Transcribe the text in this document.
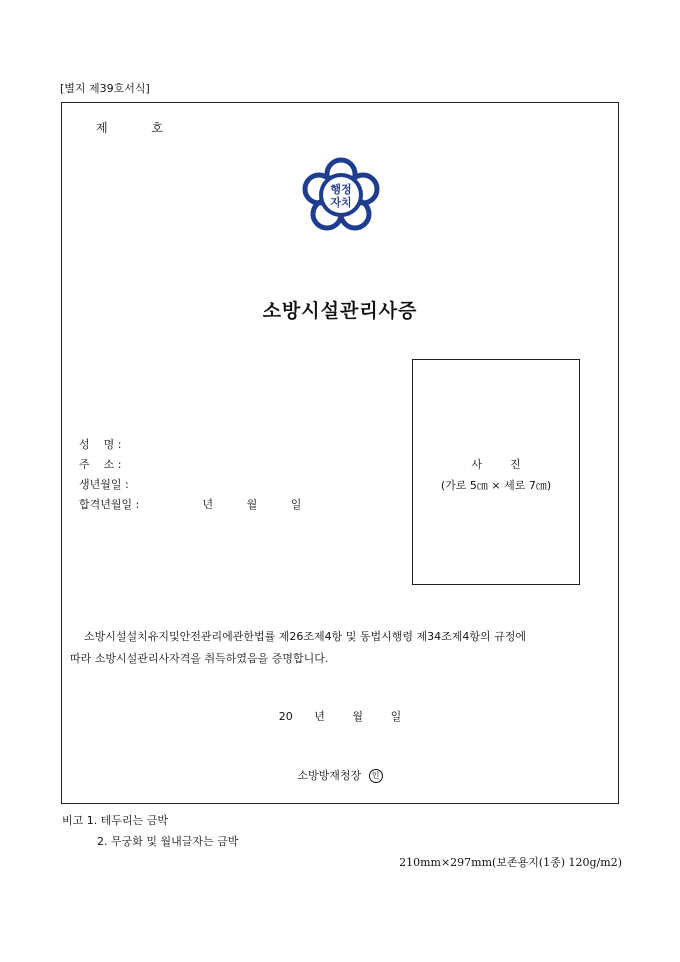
[별지 제39호서식]
제	호
행정
자치
소방시설관리사증
사        진
(가로 5㎝ × 세로 7㎝)
성    명 :
주    소 :
생년월일 :
합격년월일 :	년	월	일
소방시설설치유지및안전관리에관한법률 제26조제4항 및 동법시행령 제34조제4항의 규정에
따라 소방시설관리사자격을 취득하였음을 증명합니다.
20 년	월	일
소방방재청장 인
비고 1. 테두리는 금박
2. 무궁화 및 월내글자는 금박
210mm×297mm(보존용지(1종) 120g/m2)
